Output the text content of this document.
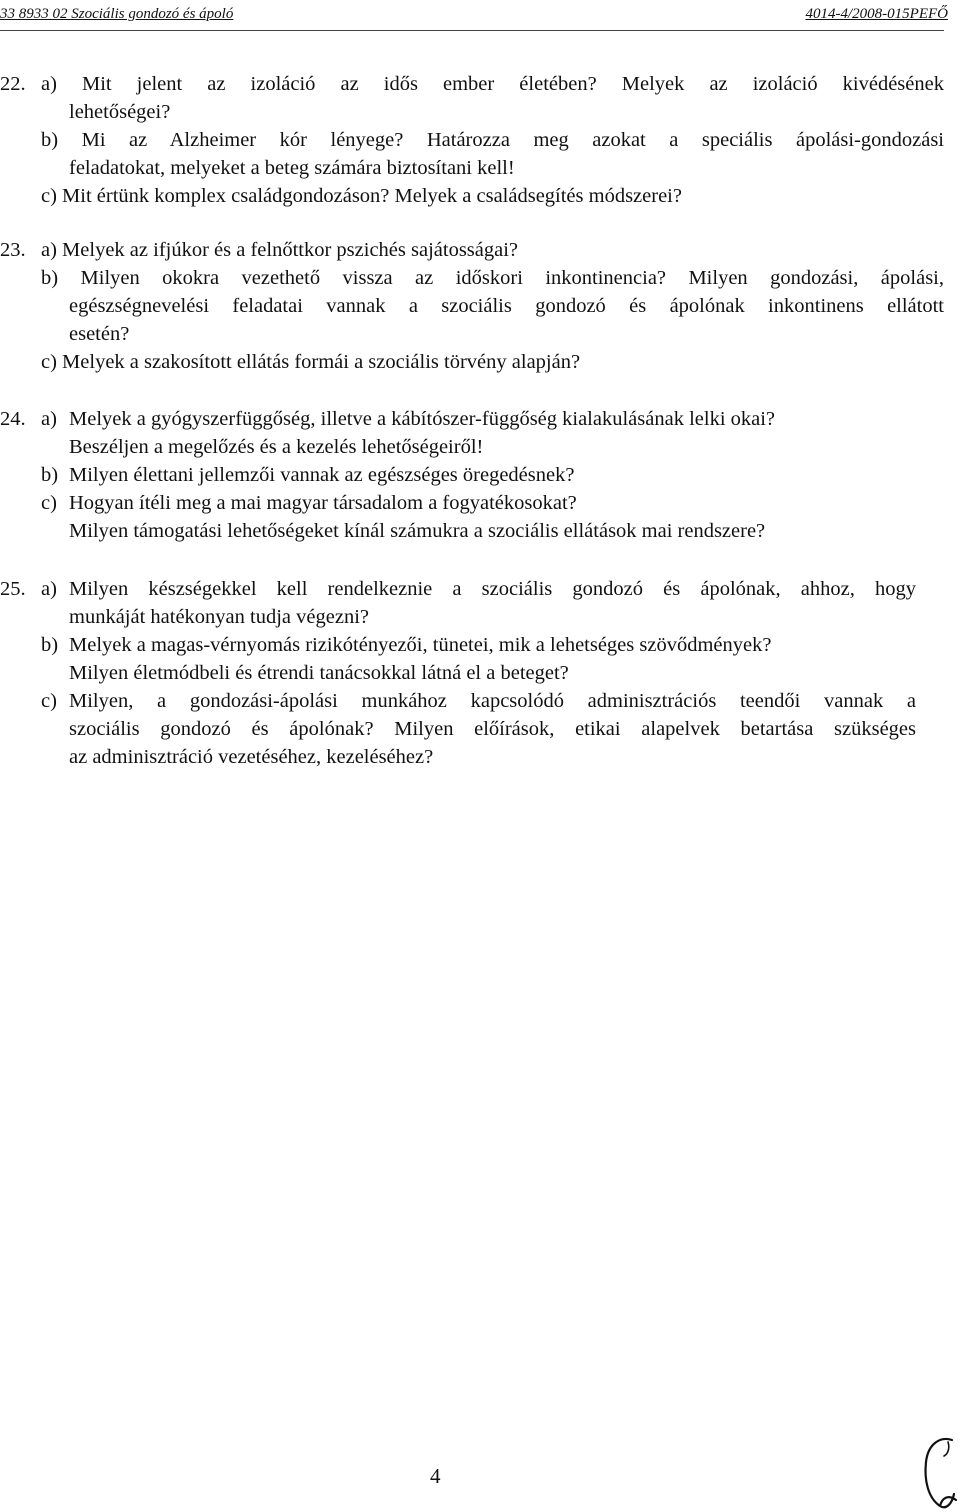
33 8933 02 Szociális gondozó és ápoló	4014-4/2008-015PEFŐ
22. a) Mit jelent az izoláció az idős ember életében? Melyek az izoláció kivédésének
lehetőségei?
b) Mi az Alzheimer kór lényege? Határozza meg azokat a speciális ápolási-gondozási
feladatokat, melyeket a beteg számára biztosítani kell!
c) Mit értünk komplex családgondozáson? Melyek a családsegítés módszerei?
23. a) Melyek az ifjúkor és a felnőttkor pszichés sajátosságai?
b) Milyen okokra vezethető vissza az időskori inkontinencia? Milyen gondozási, ápolási,
egészségnevelési feladatai vannak a szociális gondozó és ápolónak inkontinens ellátott
esetén?
c) Melyek a szakosított ellátás formái a szociális törvény alapján?
24. a) Melyek a gyógyszerfüggőség, illetve a kábítószer-függőség kialakulásának lelki okai?
Beszéljen a megelőzés és a kezelés lehetőségeiről!
b) Milyen élettani jellemzői vannak az egészséges öregedésnek?
c) Hogyan ítéli meg a mai magyar társadalom a fogyatékosokat?
Milyen támogatási lehetőségeket kínál számukra a szociális ellátások mai rendszere?
25. a) Milyen készségekkel kell rendelkeznie a szociális gondozó és ápolónak, ahhoz, hogy
munkáját hatékonyan tudja végezni?
b) Melyek a magas-vérnyomás rizikótényezői, tünetei, mik a lehetséges szövődmények?
Milyen életmódbeli és étrendi tanácsokkal látná el a beteget?
c) Milyen, a gondozási-ápolási munkához kapcsolódó adminisztrációs teendői vannak a
szociális gondozó és ápolónak? Milyen előírások, etikai alapelvek betartása szükséges
az adminisztráció vezetéséhez, kezeléséhez?
4
